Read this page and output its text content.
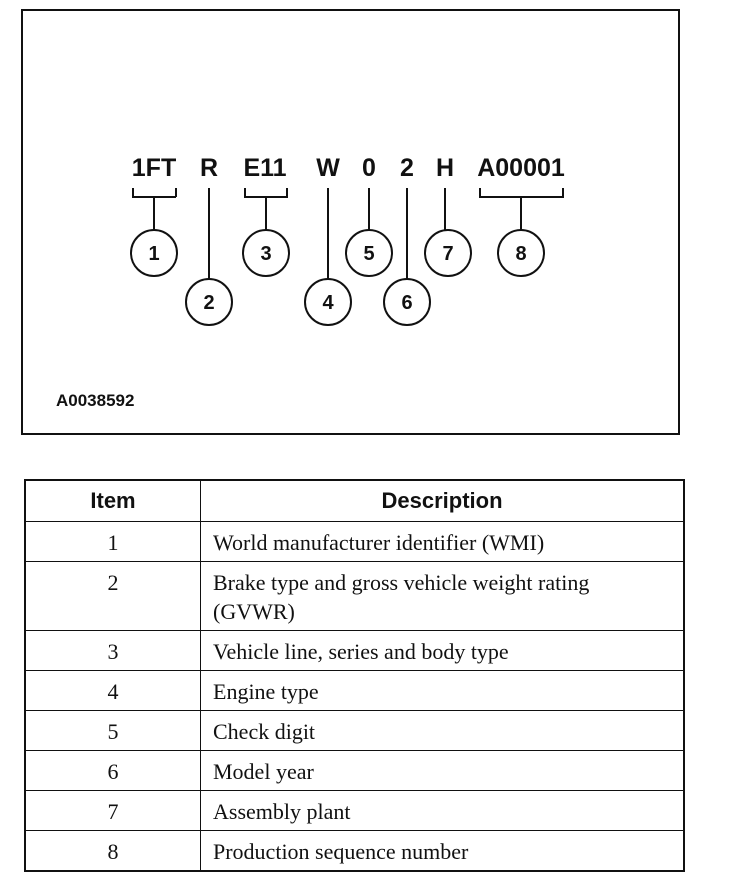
1FT R E11 W 0 2 H A00001
1
2
3
4
5
6
7	8
A0038592
Item	Description
1	World manufacturer identifier (WMI)
2	Brake type and gross vehicle weight rating (GVWR)
3	Vehicle line, series and body type
4	Engine type
5	Check digit
6	Model year
7	Assembly plant
8	Production sequence number
